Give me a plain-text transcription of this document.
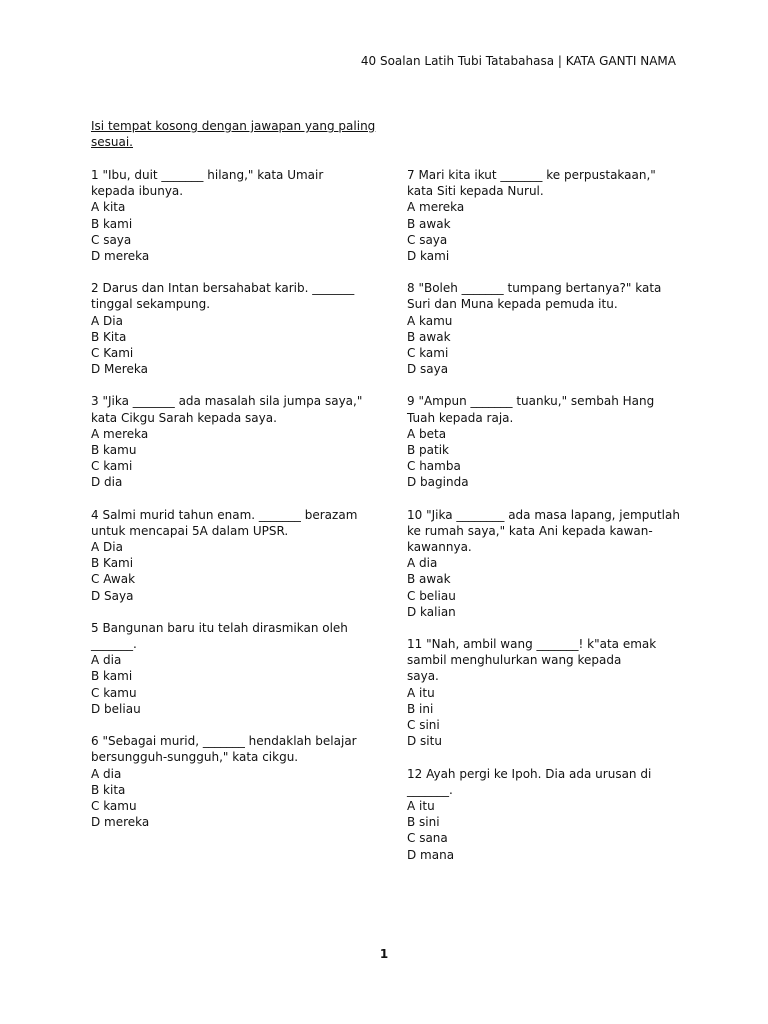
40 Soalan Latih Tubi Tatabahasa | KATA GANTI NAMA
Isi tempat kosong dengan jawapan yang paling
sesuai.
1 "Ibu, duit _______ hilang," kata Umair
kepada ibunya.
A kita
B kami
C saya
D mereka
2 Darus dan Intan bersahabat karib. _______
tinggal sekampung.
A Dia
B Kita
C Kami
D Mereka
3 "Jika _______ ada masalah sila jumpa saya,"
kata Cikgu Sarah kepada saya.
A mereka
B kamu
C kami
D dia
4 Salmi murid tahun enam. _______ berazam
untuk mencapai 5A dalam UPSR.
A Dia
B Kami
C Awak
D Saya
5 Bangunan baru itu telah dirasmikan oleh
_______.
A dia
B kami
C kamu
D beliau
6 "Sebagai murid, _______ hendaklah belajar
bersungguh-sungguh," kata cikgu.
A dia
B kita
C kamu
D mereka
7 Mari kita ikut _______ ke perpustakaan,"
kata Siti kepada Nurul.
A mereka
B awak
C saya
D kami
8 "Boleh _______ tumpang bertanya?" kata
Suri dan Muna kepada pemuda itu.
A kamu
B awak
C kami
D saya
9 "Ampun _______ tuanku," sembah Hang
Tuah kepada raja.
A beta
B patik
C hamba
D baginda
10 "Jika ________ ada masa lapang, jemputlah
ke rumah saya," kata Ani kepada kawan-
kawannya.
A dia
B awak
C beliau
D kalian
11 "Nah, ambil wang _______! k"ata emak
sambil menghulurkan wang kepada
saya.
A itu
B ini
C sini
D situ
12 Ayah pergi ke Ipoh. Dia ada urusan di
_______.
A itu
B sini
C sana
D mana
1
